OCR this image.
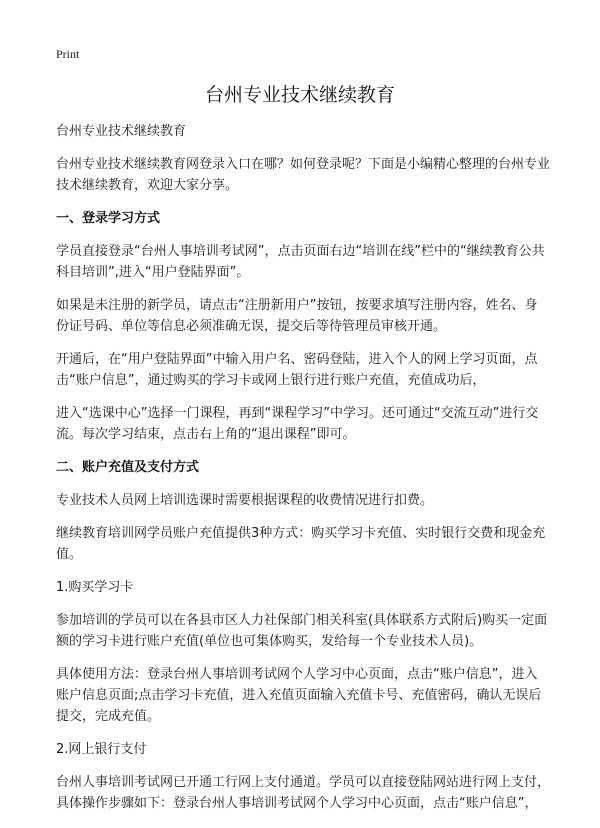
Print
台州专业技术继续教育

台州专业技术继续教育

台州专业技术继续教育网登录入口在哪？如何登录呢？下面是小编精心整理的台州专业技术继续教育，欢迎大家分享。

一、登录学习方式

学员直接登录“台州人事培训考试网”，点击页面右边“培训在线”栏中的“继续教育公共科目培训”,进入“用户登陆界面”。

如果是未注册的新学员，请点击“注册新用户”按钮，按要求填写注册内容，姓名、身份证号码、单位等信息必须准确无误，提交后等待管理员审核开通。

开通后，在“用户登陆界面”中输入用户名、密码登陆，进入个人的网上学习页面，点击“账户信息”，通过购买的学习卡或网上银行进行账户充值，充值成功后，

进入“选课中心”选择一门课程，再到“课程学习”中学习。还可通过“交流互动”进行交流。每次学习结束，点击右上角的“退出课程”即可。

二、账户充值及支付方式

专业技术人员网上培训选课时需要根据课程的收费情况进行扣费。

继续教育培训网学员账户充值提供3种方式：购买学习卡充值、实时银行交费和现金充值。

1.购买学习卡

参加培训的学员可以在各县市区人力社保部门相关科室(具体联系方式附后)购买一定面额的学习卡进行账户充值(单位也可集体购买，发给每一个专业技术人员)。

具体使用方法：登录台州人事培训考试网个人学习中心页面，点击“账户信息”，进入账户信息页面;点击学习卡充值，进入充值页面输入充值卡号、充值密码，确认无误后提交，完成充值。

2.网上银行支付

台州人事培训考试网已开通工行网上支付通道。学员可以直接登陆网站进行网上支付，具体操作步骤如下：登录台州人事培训考试网个人学习中心页面，点击“账户信息”，
